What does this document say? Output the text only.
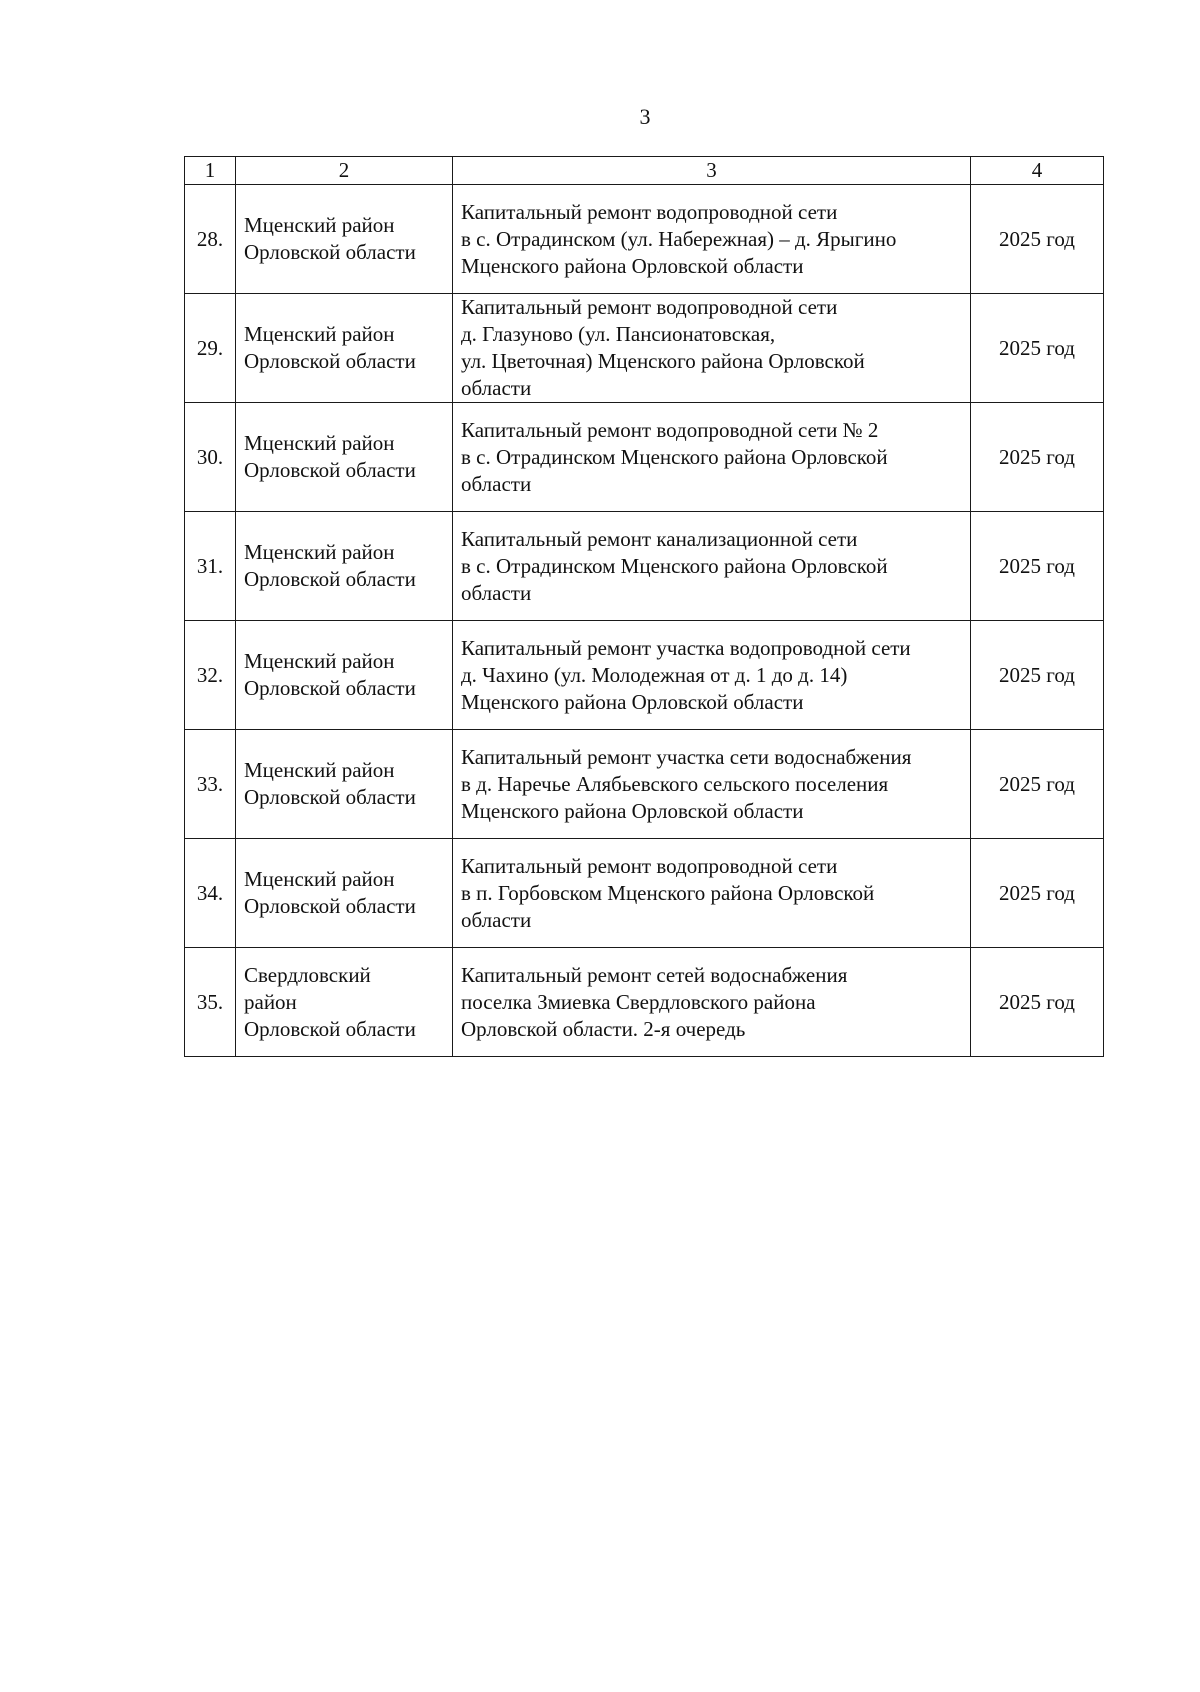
3
1	2	3	4
28.	Мценский район
Орловской области	Капитальный ремонт водопроводной сети
в с. Отрадинском (ул. Набережная) – д. Ярыгино
Мценского района Орловской области	2025 год
29.	Мценский район
Орловской области	Капитальный ремонт водопроводной сети
д. Глазуново (ул. Пансионатовская,
ул. Цветочная) Мценского района Орловской
области	2025 год
30.	Мценский район
Орловской области	Капитальный ремонт водопроводной сети № 2
в с. Отрадинском Мценского района Орловской
области	2025 год
31.	Мценский район
Орловской области	Капитальный ремонт канализационной сети
в с. Отрадинском Мценского района Орловской
области	2025 год
32.	Мценский район
Орловской области	Капитальный ремонт участка водопроводной сети
д. Чахино (ул. Молодежная от д. 1 до д. 14)
Мценского района Орловской области	2025 год
33.	Мценский район
Орловской области	Капитальный ремонт участка сети водоснабжения
в д. Наречье Алябьевского сельского поселения
Мценского района Орловской области	2025 год
34.	Мценский район
Орловской области	Капитальный ремонт водопроводной сети
в п. Горбовском Мценского района Орловской
области	2025 год
35.	Свердловский
район
Орловской области	Капитальный ремонт сетей водоснабжения
поселка Змиевка Свердловского района
Орловской области. 2-я очередь	2025 год
